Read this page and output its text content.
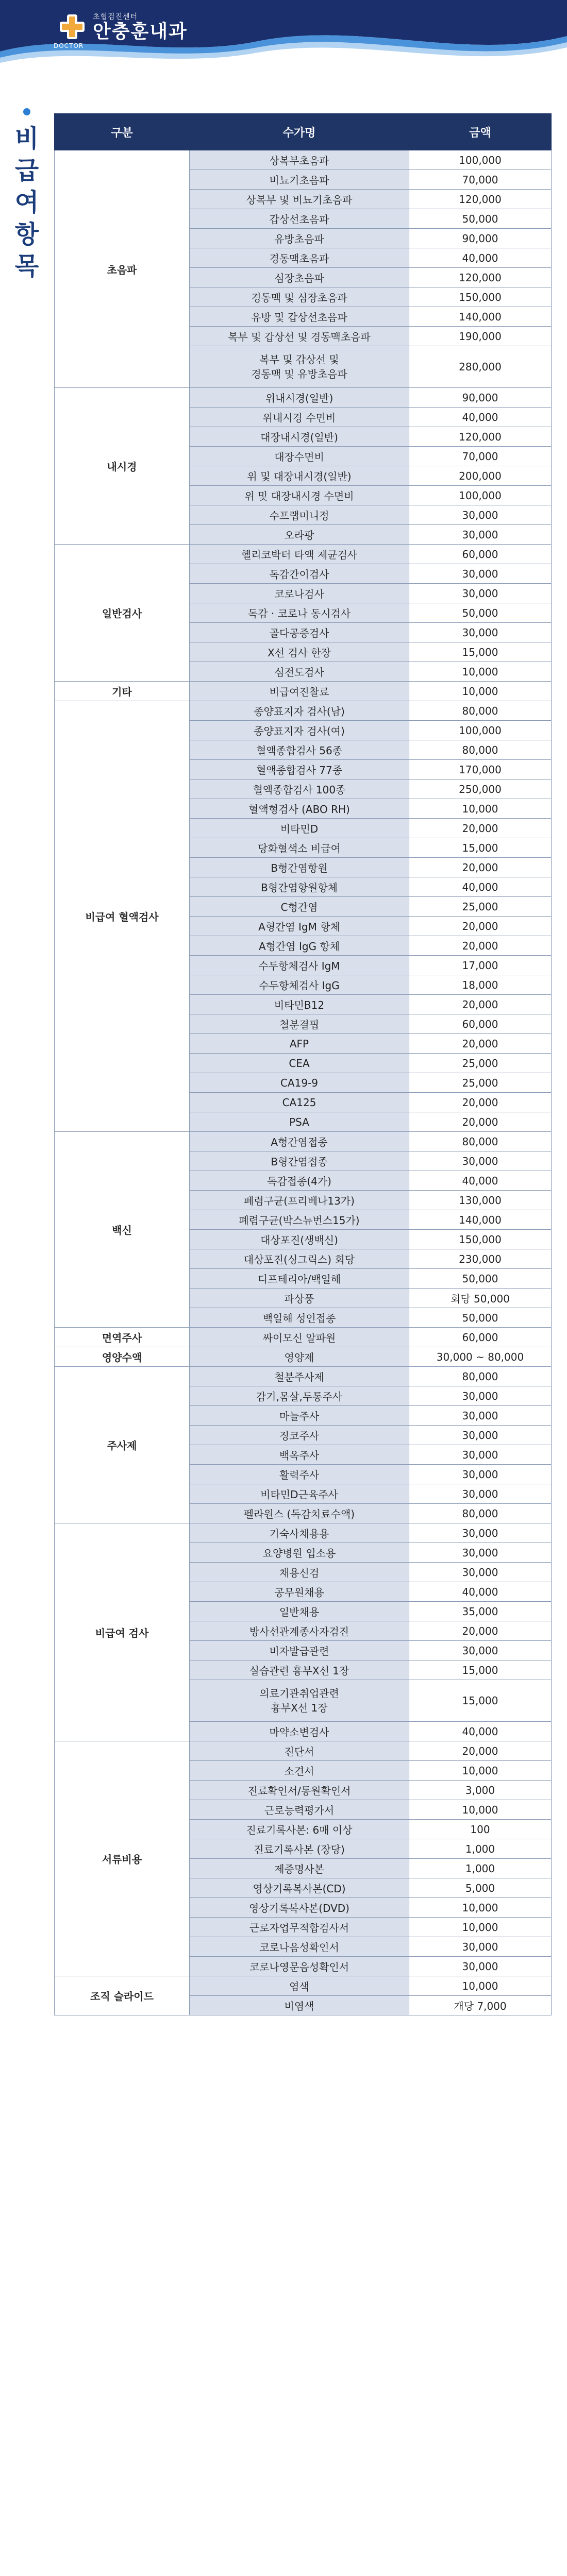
초협검진센터
안충훈내과
DOCTOR
비
급
여
항
목
구분	수가명	금액
초음파	상복부초음파	100,000
	비뇨기초음파	70,000
	상복부 및 비뇨기초음파	120,000
	갑상선초음파	50,000
	유방초음파	90,000
	경동맥초음파	40,000
	심장초음파	120,000
	경동맥 및 심장초음파	150,000
	유방 및 갑상선초음파	140,000
	복부 및 갑상선 및 경동맥초음파	190,000
	복부 및 갑상선 및
경동맥 및 유방초음파	280,000
내시경	위내시경(일반)	90,000
	위내시경 수면비	40,000
	대장내시경(일반)	120,000
	대장수면비	70,000
	위 및 대장내시경(일반)	200,000
	위 및 대장내시경 수면비	100,000
	수프랩미니정	30,000
	오라팡	30,000
일반검사	헬리코박터 타액 제균검사	60,000
	독감간이검사	30,000
	코로나검사	30,000
	독감 · 코로나 동시검사	50,000
	골다공증검사	30,000
	X선 검사 한장	15,000
	심전도검사	10,000
기타	비급여진찰료	10,000
비급여 혈액검사	종양표지자 검사(남)	80,000
	종양표지자 검사(여)	100,000
	혈액종합검사 56종	80,000
	혈액종합검사 77종	170,000
	혈액종합검사 100종	250,000
	혈액형검사 (ABO RH)	10,000
	비타민D	20,000
	당화혈색소 비급여	15,000
	B형간염항원	20,000
	B형간염항원항체	40,000
	C형간염	25,000
	A형간염 IgM 항체	20,000
	A형간염 IgG 항체	20,000
	수두항체검사 IgM	17,000
	수두항체검사 IgG	18,000
	비타민B12	20,000
	철분결핍	60,000
	AFP	20,000
	CEA	25,000
	CA19-9	25,000
	CA125	20,000
	PSA	20,000
백신	A형간염접종	80,000
	B형간염접종	30,000
	독감접종(4가)	40,000
	폐렴구균(프리베나13가)	130,000
	폐렴구균(박스뉴번스15가)	140,000
	대상포진(생백신)	150,000
	대상포진(싱그릭스) 회당	230,000
	디프테리아/백일해	50,000
	파상풍	회당 50,000
	백일해 성인접종	50,000
면역주사	싸이모신 알파원	60,000
영양수액	영양제	30,000 ~ 80,000
주사제	철분주사제	80,000
	감기,몸살,두통주사	30,000
	마늘주사	30,000
	징코주사	30,000
	백옥주사	30,000
	활력주사	30,000
	비타민D근육주사	30,000
	펠라원스 (독감치료수액)	80,000
비급여 검사	기숙사채용용	30,000
	요양병원 입소용	30,000
	채용신검	30,000
	공무원채용	40,000
	일반채용	35,000
	방사선관계종사자검진	20,000
	비자발급관련	30,000
	실습관련 흉부X선 1장	15,000
	의료기관취업관련
흉부X선 1장	15,000
	마약소변검사	40,000
서류비용	진단서	20,000
	소견서	10,000
	진료확인서/통원확인서	3,000
	근로능력평가서	10,000
	진료기록사본: 6매 이상	100
	진료기록사본 (장당)	1,000
	제증명사본	1,000
	영상기록복사본(CD)	5,000
	영상기록복사본(DVD)	10,000
	근로자업무적합검사서	10,000
	코로나음성확인서	30,000
	코로나영문음성확인서	30,000
조직 슬라이드	염색	10,000
	비염색	개당 7,000
